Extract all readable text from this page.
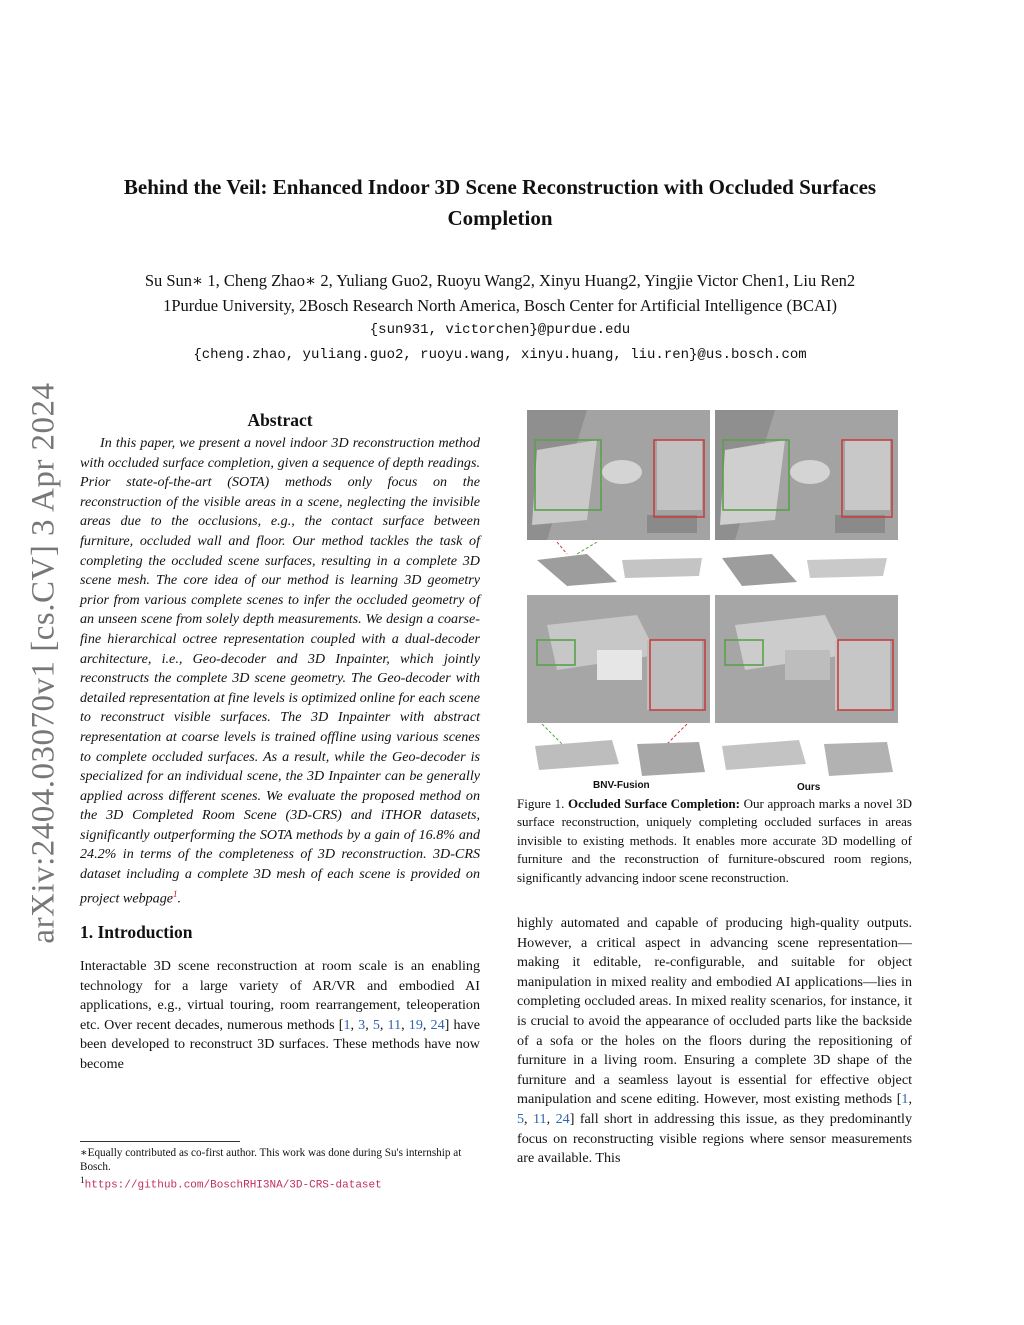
arXiv:2404.03070v1 [cs.CV] 3 Apr 2024
Behind the Veil: Enhanced Indoor 3D Scene Reconstruction with Occluded Surfaces Completion
Su Sun∗ 1, Cheng Zhao∗ 2, Yuliang Guo2, Ruoyu Wang2, Xinyu Huang2, Yingjie Victor Chen1, Liu Ren2
1Purdue University, 2Bosch Research North America, Bosch Center for Artificial Intelligence (BCAI)
{sun931, victorchen}@purdue.edu
{cheng.zhao, yuliang.guo2, ruoyu.wang, xinyu.huang, liu.ren}@us.bosch.com
Abstract

In this paper, we present a novel indoor 3D reconstruction method with occluded surface completion, given a sequence of depth readings. Prior state-of-the-art (SOTA) methods only focus on the reconstruction of the visible areas in a scene, neglecting the invisible areas due to the occlusions, e.g., the contact surface between furniture, occluded wall and floor. Our method tackles the task of completing the occluded scene surfaces, resulting in a complete 3D scene mesh. The core idea of our method is learning 3D geometry prior from various complete scenes to infer the occluded geometry of an unseen scene from solely depth measurements. We design a coarse-fine hierarchical octree representation coupled with a dual-decoder architecture, i.e., Geo-decoder and 3D Inpainter, which jointly reconstructs the complete 3D scene geometry. The Geo-decoder with detailed representation at fine levels is optimized online for each scene to reconstruct visible surfaces. The 3D Inpainter with abstract representation at coarse levels is trained offline using various scenes to complete occluded surfaces. As a result, while the Geo-decoder is specialized for an individual scene, the 3D Inpainter can be generally applied across different scenes. We evaluate the proposed method on the 3D Completed Room Scene (3D-CRS) and iTHOR datasets, significantly outperforming the SOTA methods by a gain of 16.8% and 24.2% in terms of the completeness of 3D reconstruction. 3D-CRS dataset including a complete 3D mesh of each scene is provided on project webpage$^1$.

1. Introduction

Interactable 3D scene reconstruction at room scale is an enabling technology for a large variety of AR/VR and embodied AI applications, e.g., virtual touring, room rearrangement, teleoperation etc. Over recent decades, numerous methods [1, 3, 5, 11, 19, 24] have been developed to reconstruct 3D surfaces. These methods have now become

∗Equally contributed as co-first author. This work was done during Su's internship at Bosch.

$^1$https://github.com/BoschRHI3NA/3D-CRS-dataset

BNV-Fusion	Ours

Figure 1. Occluded Surface Completion: Our approach marks a novel 3D surface reconstruction, uniquely completing occluded surfaces in areas invisible to existing methods. It enables more accurate 3D modelling of furniture and the reconstruction of furniture-obscured room regions, significantly advancing indoor scene reconstruction.

highly automated and capable of producing high-quality outputs. However, a critical aspect in advancing scene representation—making it editable, re-configurable, and suitable for object manipulation in mixed reality and embodied AI applications—lies in completing occluded areas. In mixed reality scenarios, for instance, it is crucial to avoid the appearance of occluded parts like the backside of a sofa or the holes on the floors during the repositioning of furniture in a living room. Ensuring a complete 3D shape of the furniture and a seamless layout is essential for effective object manipulation and scene editing. However, most existing methods [1, 5, 11, 24] fall short in addressing this issue, as they predominantly focus on reconstructing visible regions where sensor measurements are available. This
